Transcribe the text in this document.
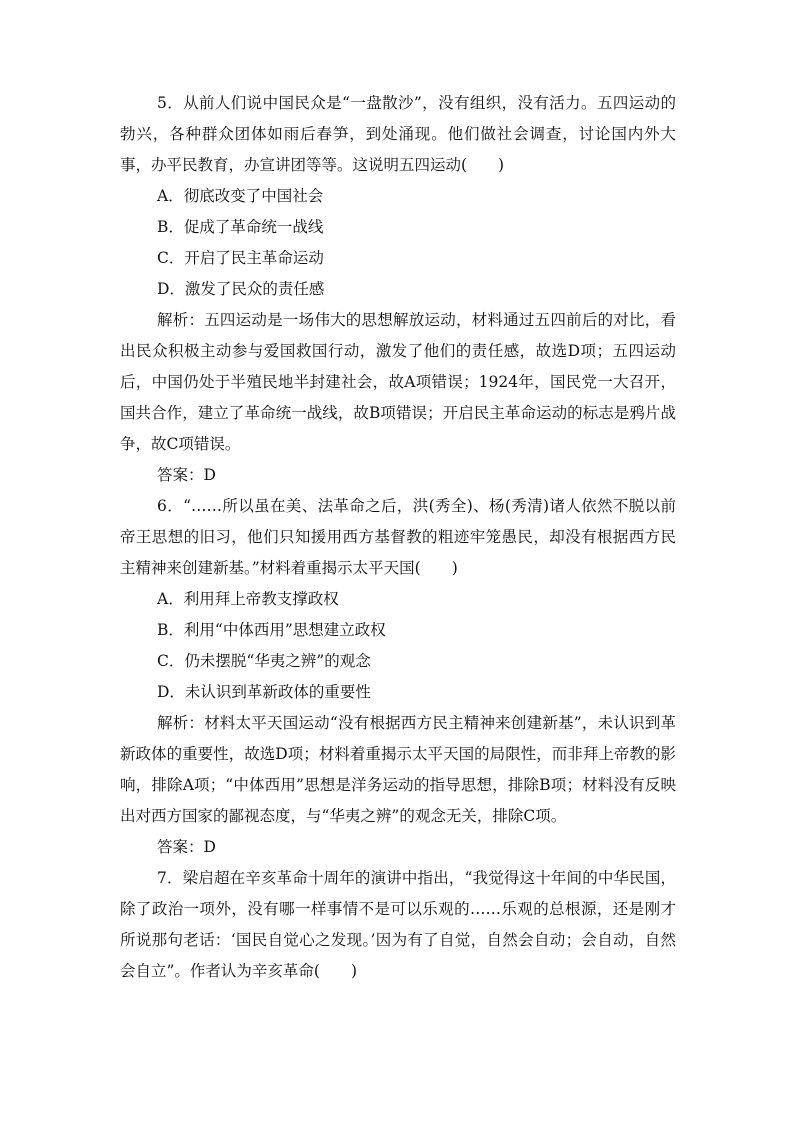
5．从前人们说中国民众是“一盘散沙”，没有组织，没有活力。五四运动的勃兴，各种群众团体如雨后春笋，到处涌现。他们做社会调查，讨论国内外大事，办平民教育，办宣讲团等等。这说明五四运动(　　)

A．彻底改变了中国社会

B．促成了革命统一战线

C．开启了民主革命运动

D．激发了民众的责任感

解析：五四运动是一场伟大的思想解放运动，材料通过五四前后的对比，看出民众积极主动参与爱国救国行动，激发了他们的责任感，故选D项；五四运动后，中国仍处于半殖民地半封建社会，故A项错误；1924年，国民党一大召开，国共合作，建立了革命统一战线，故B项错误；开启民主革命运动的标志是鸦片战争，故C项错误。

答案：D

6．“……所以虽在美、法革命之后，洪(秀全)、杨(秀清)诸人依然不脱以前帝王思想的旧习，他们只知援用西方基督教的粗迹牢笼愚民，却没有根据西方民主精神来创建新基。”材料着重揭示太平天国(　　)

A．利用拜上帝教支撑政权

B．利用“中体西用”思想建立政权

C．仍未摆脱“华夷之辨”的观念

D．未认识到革新政体的重要性

解析：材料太平天国运动“没有根据西方民主精神来创建新基”，未认识到革新政体的重要性，故选D项；材料着重揭示太平天国的局限性，而非拜上帝教的影响，排除A项；“中体西用”思想是洋务运动的指导思想，排除B项；材料没有反映出对西方国家的鄙视态度，与“华夷之辨”的观念无关，排除C项。

答案：D

7．梁启超在辛亥革命十周年的演讲中指出，“我觉得这十年间的中华民国，除了政治一项外，没有哪一样事情不是可以乐观的……乐观的总根源，还是刚才所说那句老话：‘国民自觉心之发现。’因为有了自觉，自然会自动；会自动，自然会自立”。作者认为辛亥革命(　　)
